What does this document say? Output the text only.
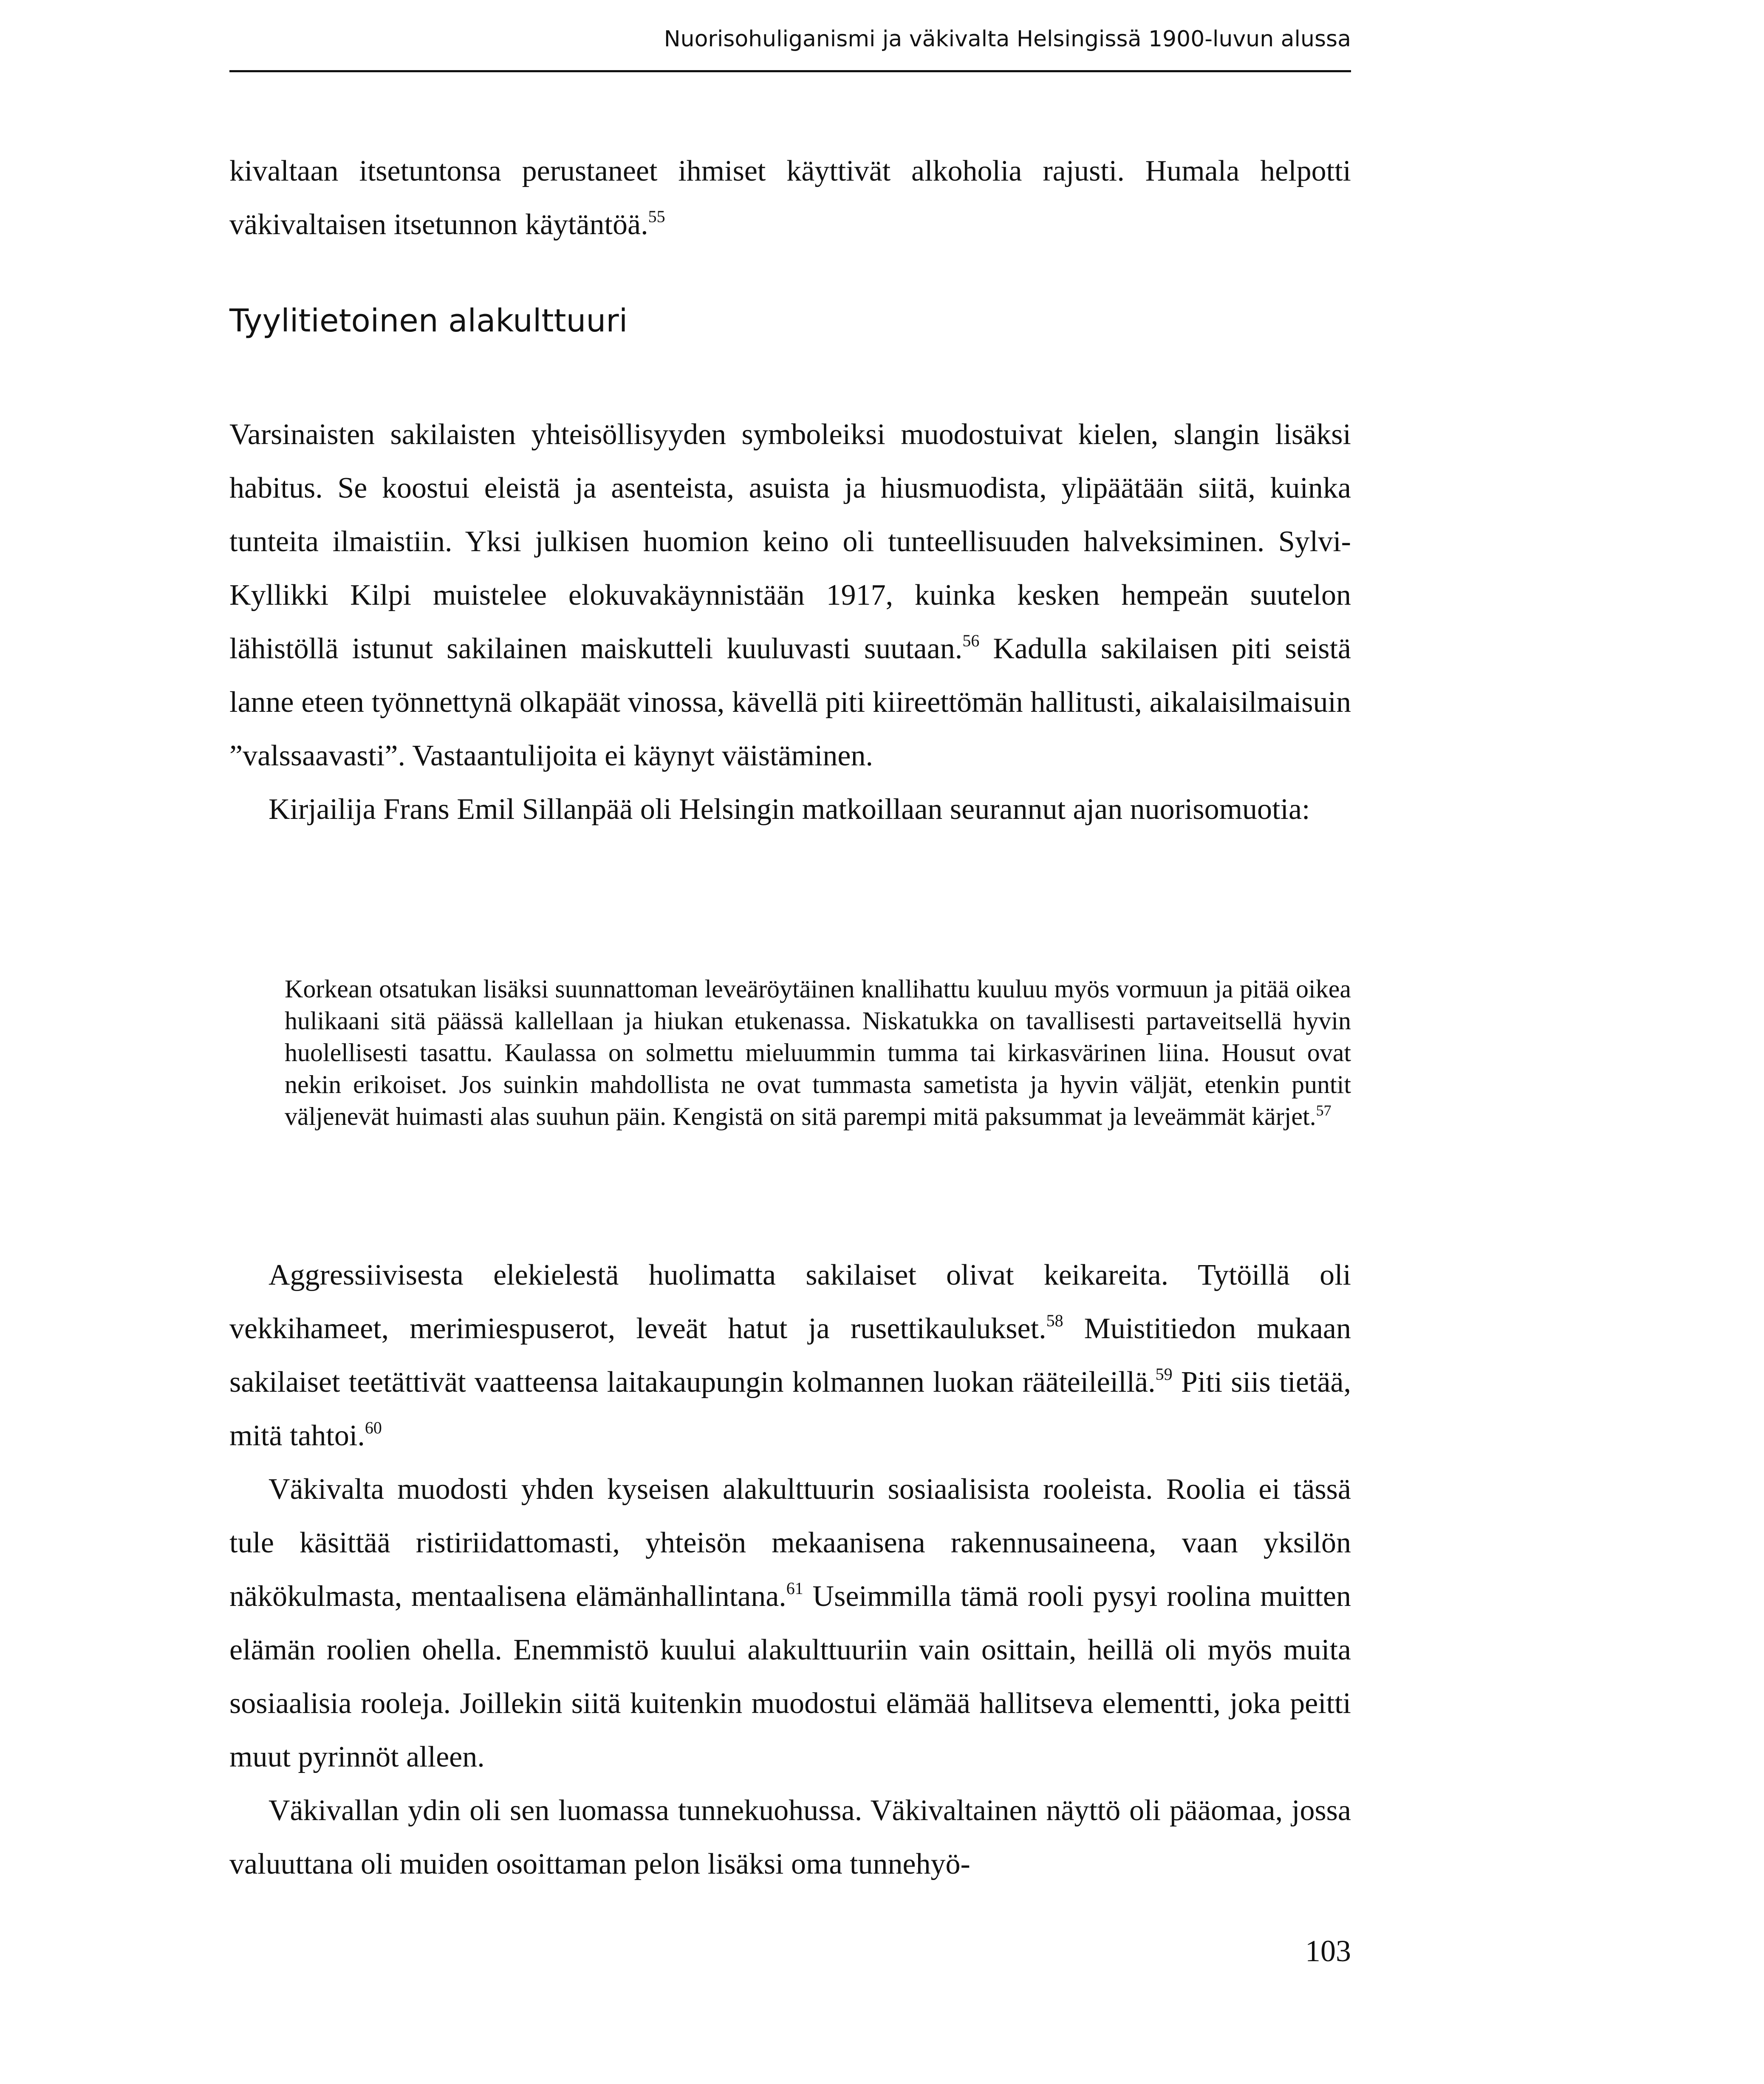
Nuorisohuliganismi ja väkivalta Helsingissä 1900-luvun alussa

kivaltaan itsetuntonsa perustaneet ihmiset käyttivät alkoholia rajusti. Humala helpotti väkivaltaisen itsetunnon käytäntöä.$^{55}$

Tyylitietoinen alakulttuuri

Varsinaisten sakilaisten yhteisöllisyyden symboleiksi muodostuivat kielen, slangin lisäksi habitus. Se koostui eleistä ja asenteista, asuista ja hiusmuodista, ylipäätään siitä, kuinka tunteita ilmaistiin. Yksi julkisen huomion keino oli tunteellisuuden halveksiminen. Sylvi-Kyllikki Kilpi muistelee elokuvakäynnistään 1917, kuinka kesken hempeän suutelon lähistöllä istunut sakilainen maiskutteli kuuluvasti suutaan.$^{56}$ Kadulla sakilaisen piti seistä lanne eteen työnnettynä olkapäät vinossa, kävellä piti kiireettömän hallitusti, aikalaisilmaisuin ”valssaavasti”. Vastaantulijoita ei käynyt väistäminen.

Kirjailija Frans Emil Sillanpää oli Helsingin matkoillaan seurannut ajan nuorisomuotia:

Korkean otsatukan lisäksi suunnattoman leveäröytäinen knallihattu kuuluu myös vormuun ja pitää oikea hulikaani sitä päässä kallellaan ja hiukan etukenassa. Niskatukka on tavallisesti partaveitsellä hyvin huolellisesti tasattu. Kaulassa on solmettu mieluummin tumma tai kirkasvärinen liina. Housut ovat nekin erikoiset. Jos suinkin mahdollista ne ovat tummasta sametista ja hyvin väljät, etenkin puntit väljenevät huimasti alas suuhun päin. Kengistä on sitä parempi mitä paksummat ja leveämmät kärjet.$^{57}$

Aggressiivisesta elekielestä huolimatta sakilaiset olivat keikareita. Tytöillä oli vekkihameet, merimiespuserot, leveät hatut ja rusettikaulukset.$^{58}$ Muistitiedon mukaan sakilaiset teetättivät vaatteensa laitakaupungin kolmannen luokan rääteileillä.$^{59}$ Piti siis tietää, mitä tahtoi.$^{60}$

Väkivalta muodosti yhden kyseisen alakulttuurin sosiaalisista rooleista. Roolia ei tässä tule käsittää ristiriidattomasti, yhteisön mekaanisena rakennusaineena, vaan yksilön näkökulmasta, mentaalisena elämänhallintana.$^{61}$ Useimmilla tämä rooli pysyi roolina muitten elämän roolien ohella. Enemmistö kuului alakulttuuriin vain osittain, heillä oli myös muita sosiaalisia rooleja. Joillekin siitä kuitenkin muodostui elämää hallitseva elementti, joka peitti muut pyrinnöt alleen.

Väkivallan ydin oli sen luomassa tunnekuohussa. Väkivaltainen näyttö oli pääomaa, jossa valuuttana oli muiden osoittaman pelon lisäksi oma tunnehyö-

103
